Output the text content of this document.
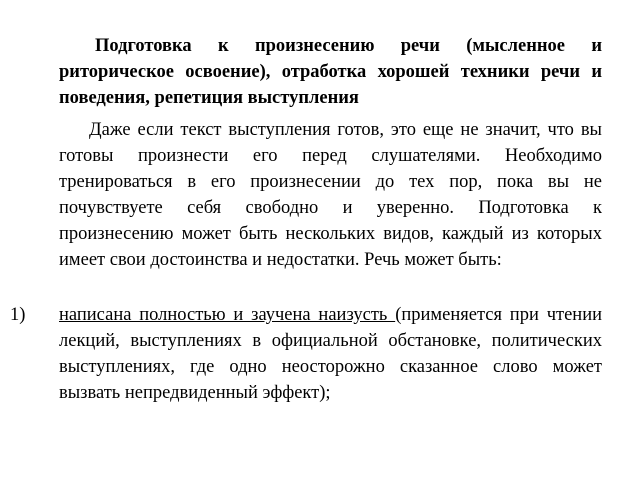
Подготовка к произнесению речи (мысленное и риторическое освоение), отработка хорошей техники речи и поведения, репетиция выступления

Даже если текст выступления готов, это еще не значит, что вы готовы произнести его перед слушателями. Необходимо тренироваться в его произнесении до тех пор, пока вы не почувствуете себя свободно и уверенно. Подготовка к произнесению может быть нескольких видов, каждый из которых имеет свои достоинства и недостатки. Речь может быть:

1) написана полностью и заучена наизусть (применяется при чтении лекций, выступлениях в официальной обстановке, политических выступлениях, где одно неосторожно сказанное слово может вызвать непредвиденный эффект);
